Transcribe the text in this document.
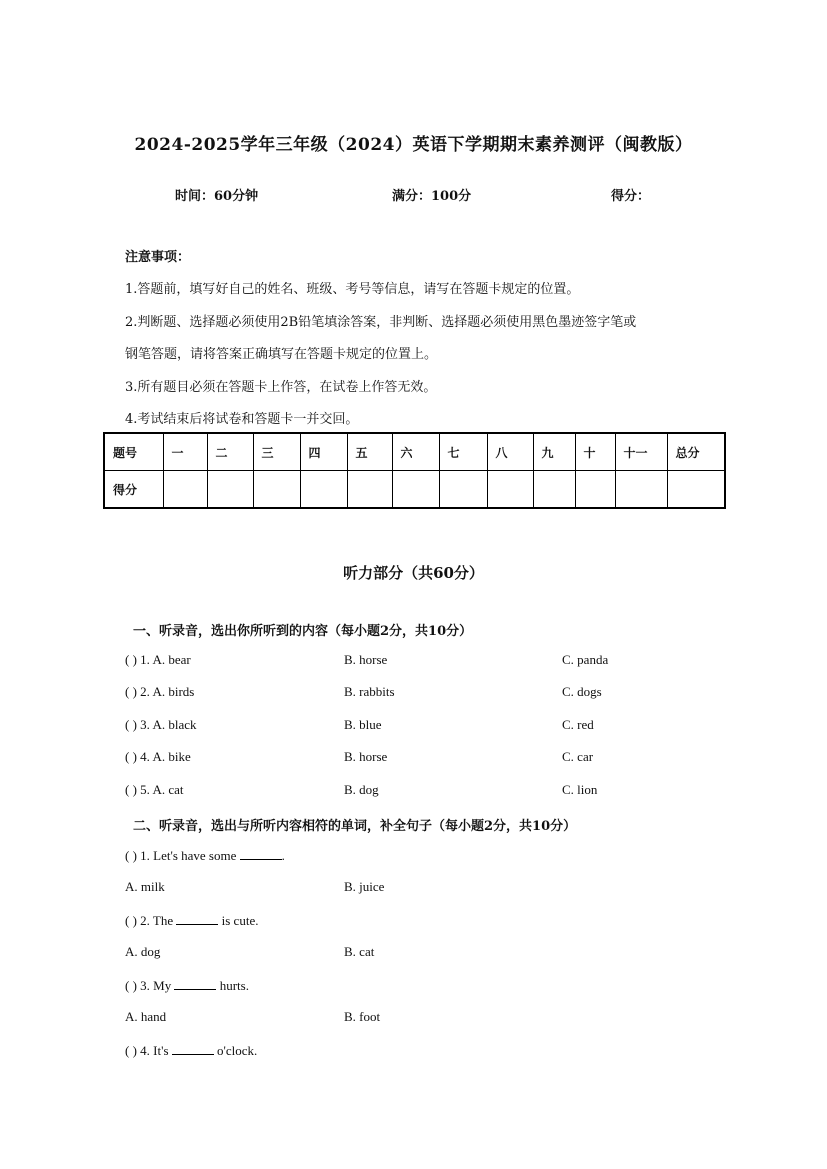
2024-2025学年三年级（2024）英语下学期期末素养测评（闽教版）
时间：60分钟	满分：100分	得分：
注意事项：
1.答题前，填写好自己的姓名、班级、考号等信息，请写在答题卡规定的位置。
2.判断题、选择题必须使用2B铅笔填涂答案，非判断、选择题必须使用黑色墨迹签字笔或
钢笔答题，请将答案正确填写在答题卡规定的位置上。
3.所有题目必须在答题卡上作答，在试卷上作答无效。
4.考试结束后将试卷和答题卡一并交回。
题号	一	二	三	四	五	六	七	八	九	十	十一	总分
得分												
听力部分（共60分）
一、听录音，选出你所听到的内容（每小题2分，共10分）
( ) 1. A. bear	B. horse	C. panda
( ) 2. A. birds	B. rabbits	C. dogs
( ) 3. A. black	B. blue	C. red
( ) 4. A. bike	B. horse	C. car
( ) 5. A. cat	B. dog	C. lion
二、听录音，选出与所听内容相符的单词，补全句子（每小题2分，共10分）
( ) 1. Let's have some	.
A. milk	B. juice
( ) 2. The	is cute.
A. dog	B. cat
( ) 3. My	hurts.
A. hand	B. foot
( ) 4. It's	o'clock.
